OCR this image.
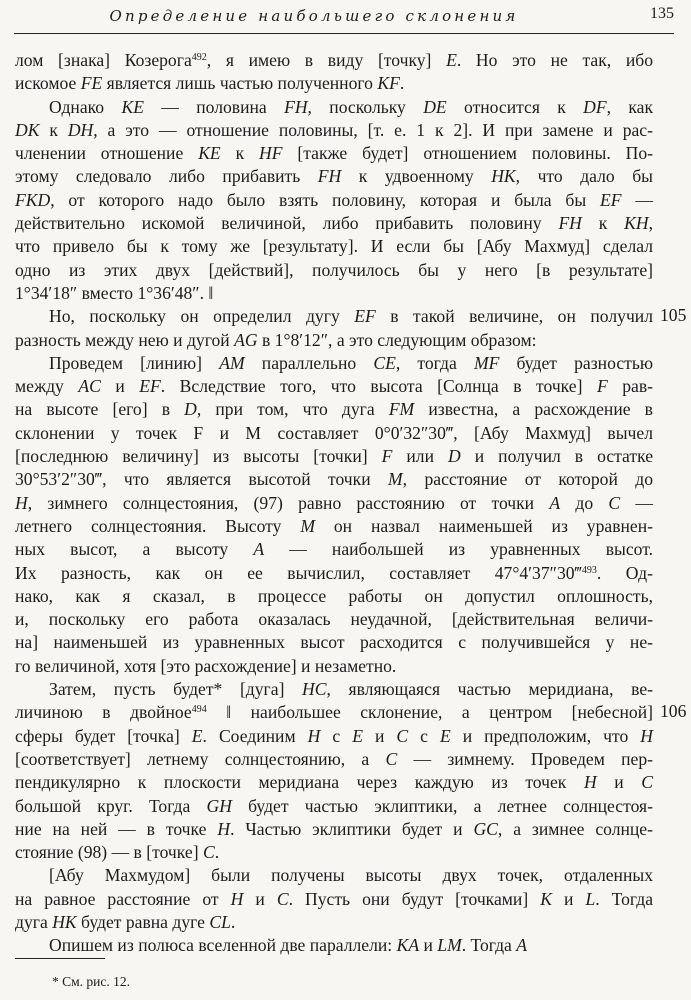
Определение наибольшего склонения	135

лом [знака] Козерога$^{492}$, я имею в виду [точку] E. Но это не так, ибо
искомое FE является лишь частью полученного KF.

Однако KE — половина FH, поскольку DE относится к DF, как
DK к DH, а это — отношение половины, [т. е. 1 к 2]. И при замене и рас-
членении отношение KE к HF [также будет] отношением половины. По-
этому следовало либо прибавить FH к удвоенному HK, что дало бы
FKD, от которого надо было взять половину, которая и была бы EF —
действительно искомой величиной, либо прибавить половину FH к KH,
что привело бы к тому же [результату]. И если бы [Абу Махмуд] сделал
одно из этих двух [действий], получилось бы у него [в результате]
1°34′18″ вместо 1°36′48″. ‖

Но, поскольку он определил дугу EF в такой величине, он получил
разность между нею и дугой AG в 1°8′12″, а это следующим образом:

Проведем [линию] AM параллельно CE, тогда MF будет разностью
между AC и EF. Вследствие того, что высота [Солнца в точке] F рав-
на высоте [его] в D, при том, что дуга FM известна, а расхождение в
склонении у точек F и M составляет 0°0′32″30‴, [Абу Махмуд] вычел
[последнюю величину] из высоты [точки] F или D и получил в остатке
30°53′2″30‴, что является высотой точки M, расстояние от которой до
H, зимнего солнцестояния, (97) равно расстоянию от точки A до C —
летнего солнцестояния. Высоту M он назвал наименьшей из уравнен-
ных высот, а высоту A — наибольшей из уравненных высот.
Их разность, как он ее вычислил, составляет 47°4′37″30‴$^{493}$. Од-
нако, как я сказал, в процессе работы он допустил оплошность,
и, поскольку его работа оказалась неудачной, [действительная величи-
на] наименьшей из уравненных высот расходится с получившейся у не-
го величиной, хотя [это расхождение] и незаметно.

Затем, пусть будет* [дуга] HC, являющаяся частью меридиана, ве-
личиною в двойное$^{494}$ ‖ наибольшее склонение, а центром [небесной]
сферы будет [точка] E. Соединим H с E и C с E и предположим, что H
[соответствует] летнему солнцестоянию, а C — зимнему. Проведем пер-
пендикулярно к плоскости меридиана через каждую из точек H и C
большой круг. Тогда GH будет частью эклиптики, а летнее солнцестоя-
ние на ней — в точке H. Частью эклиптики будет и GC, а зимнее солнце-
стояние (98) — в [точке] C.

[Абу Махмудом] были получены высоты двух точек, отдаленных
на равное расстояние от H и C. Пусть они будут [точками] K и L. Тогда
дуга HK будет равна дуге CL.

Опишем из полюса вселенной две параллели: KA и LM. Тогда A

105
106
* См. рис. 12.
